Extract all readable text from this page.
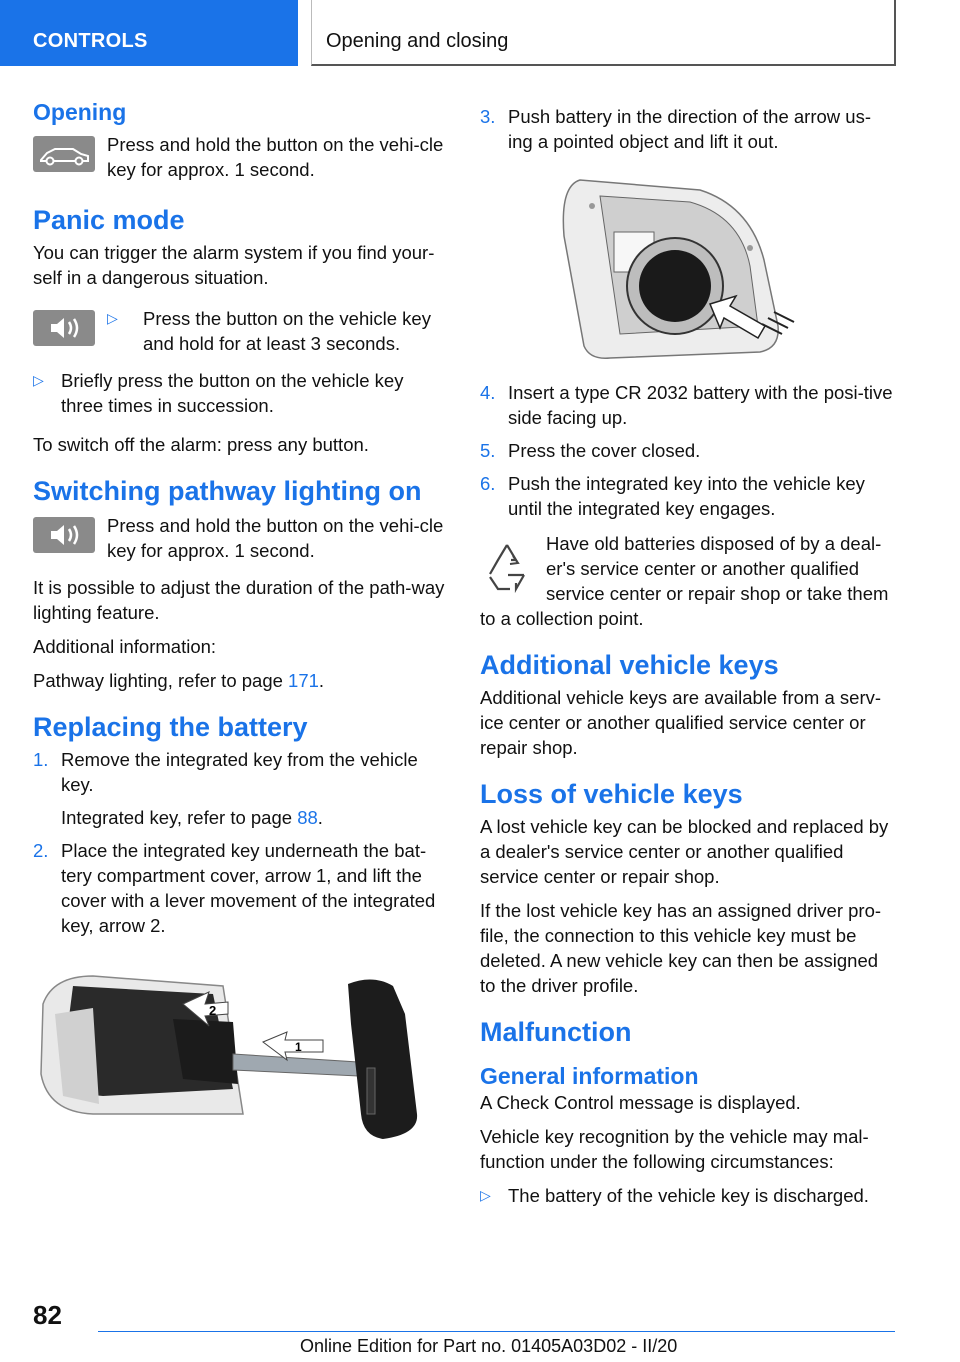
CONTROLS	Opening and closing
Opening
Press and hold the button on the vehi-cle key for approx. 1 second.
Panic mode

You can trigger the alarm system if you find your-self in a dangerous situation.

▷	Press the button on the vehicle key and hold for at least 3 seconds.
▷ Briefly press the button on the vehicle key three times in succession.

To switch off the alarm: press any button.

Switching pathway lighting on
Press and hold the button on the vehi-cle key for approx. 1 second.

It is possible to adjust the duration of the path-way lighting feature.

Additional information:

Pathway lighting, refer to page 171.

Replacing the battery
1. Remove the integrated key from the vehicle key.
Integrated key, refer to page 88.
2. Place the integrated key underneath the bat-tery compartment cover, arrow 1, and lift the cover with a lever movement of the integrated key, arrow 2.
2
1
3. Push battery in the direction of the arrow us-ing a pointed object and lift it out.
4. Insert a type CR 2032 battery with the posi-tive side facing up.
5. Press the cover closed.
6. Push the integrated key into the vehicle key until the integrated key engages.
Have old batteries disposed of by a deal-er's service center or another qualified service center or repair shop or take them to a collection point.
Additional vehicle keys

Additional vehicle keys are available from a serv-ice center or another qualified service center or repair shop.

Loss of vehicle keys

A lost vehicle key can be blocked and replaced by a dealer's service center or another qualified service center or repair shop.

If the lost vehicle key has an assigned driver pro-file, the connection to this vehicle key must be deleted. A new vehicle key can then be assigned to the driver profile.

Malfunction
General information

A Check Control message is displayed.

Vehicle key recognition by the vehicle may mal-function under the following circumstances:

▷ The battery of the vehicle key is discharged.
82
Online Edition for Part no. 01405A03D02 - II/20
